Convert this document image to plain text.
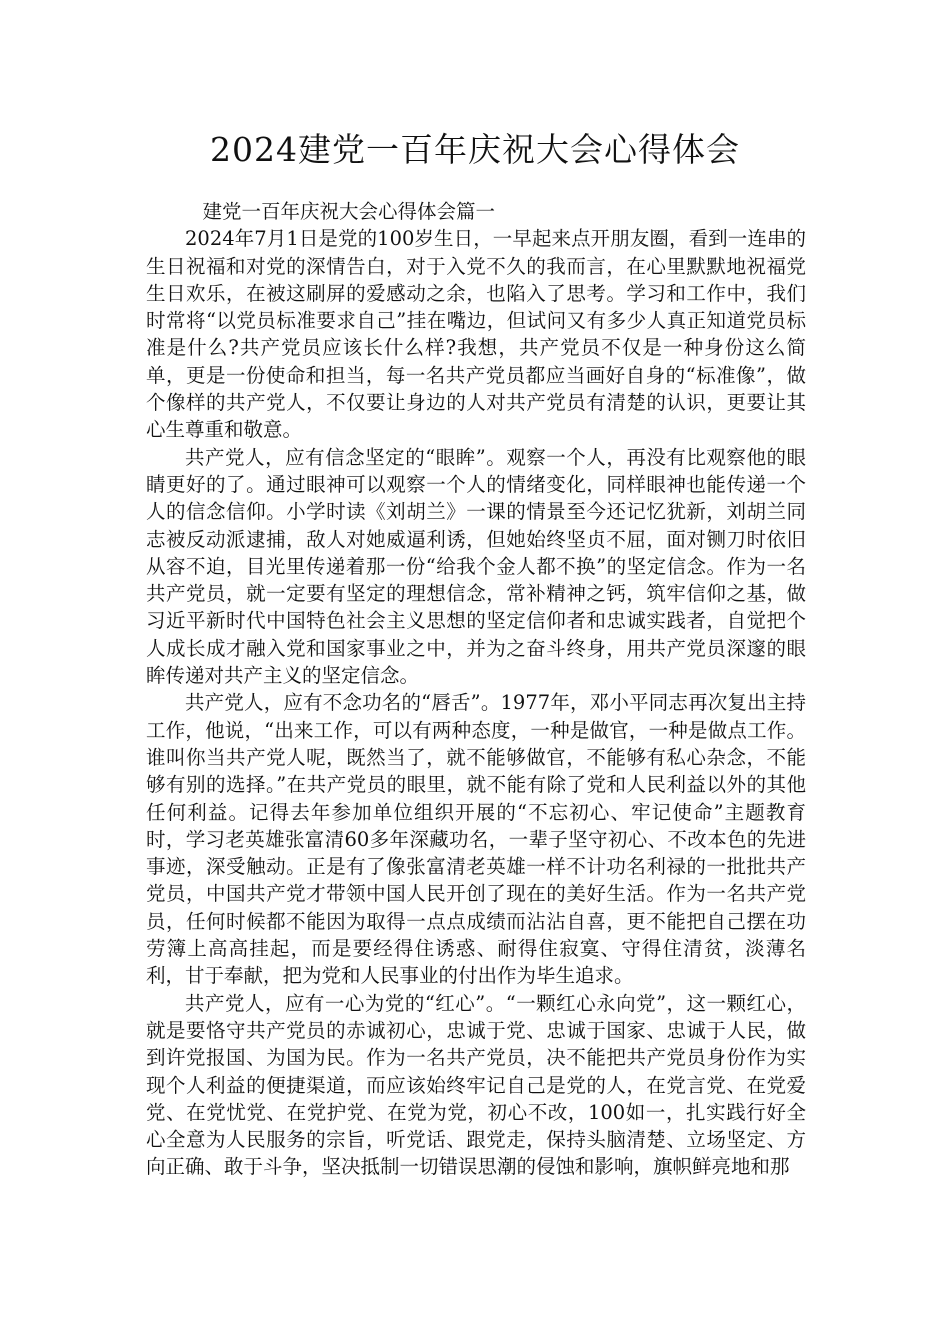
2024建党一百年庆祝大会心得体会

建党一百年庆祝大会心得体会篇一

2024年7月1日是党的100岁生日，一早起来点开朋友圈，看到一连串的生日祝福和对党的深情告白，对于入党不久的我而言，在心里默默地祝福党生日欢乐，在被这刷屏的爱感动之余，也陷入了思考。学习和工作中，我们时常将“以党员标准要求自己”挂在嘴边，但试问又有多少人真正知道党员标准是什么?共产党员应该长什么样?我想，共产党员不仅是一种身份这么简单，更是一份使命和担当，每一名共产党员都应当画好自身的“标准像”，做个像样的共产党人，不仅要让身边的人对共产党员有清楚的认识，更要让其心生尊重和敬意。

共产党人，应有信念坚定的“眼眸”。观察一个人，再没有比观察他的眼睛更好的了。通过眼神可以观察一个人的情绪变化，同样眼神也能传递一个人的信念信仰。小学时读《刘胡兰》一课的情景至今还记忆犹新，刘胡兰同志被反动派逮捕，敌人对她威逼利诱，但她始终坚贞不屈，面对铡刀时依旧从容不迫，目光里传递着那一份“给我个金人都不换”的坚定信念。作为一名共产党员，就一定要有坚定的理想信念，常补精神之钙，筑牢信仰之基，做习近平新时代中国特色社会主义思想的坚定信仰者和忠诚实践者，自觉把个人成长成才融入党和国家事业之中，并为之奋斗终身，用共产党员深邃的眼眸传递对共产主义的坚定信念。

共产党人，应有不念功名的“唇舌”。1977年，邓小平同志再次复出主持工作，他说，“出来工作，可以有两种态度，一种是做官，一种是做点工作。谁叫你当共产党人呢，既然当了，就不能够做官，不能够有私心杂念，不能够有别的选择。”在共产党员的眼里，就不能有除了党和人民利益以外的其他任何利益。记得去年参加单位组织开展的“不忘初心、牢记使命”主题教育时，学习老英雄张富清60多年深藏功名，一辈子坚守初心、不改本色的先进事迹，深受触动。正是有了像张富清老英雄一样不计功名利禄的一批批共产党员，中国共产党才带领中国人民开创了现在的美好生活。作为一名共产党员，任何时候都不能因为取得一点点成绩而沾沾自喜，更不能把自己摆在功劳簿上高高挂起，而是要经得住诱惑、耐得住寂寞、守得住清贫，淡薄名利，甘于奉献，把为党和人民事业的付出作为毕生追求。

共产党人，应有一心为党的“红心”。“一颗红心永向党”，这一颗红心，就是要恪守共产党员的赤诚初心，忠诚于党、忠诚于国家、忠诚于人民，做到许党报国、为国为民。作为一名共产党员，决不能把共产党员身份作为实现个人利益的便捷渠道，而应该始终牢记自己是党的人，在党言党、在党爱党、在党忧党、在党护党、在党为党，初心不改，100如一，扎实践行好全心全意为人民服务的宗旨，听党话、跟党走，保持头脑清楚、立场坚定、方向正确、敢于斗争，坚决抵制一切错误思潮的侵蚀和影响，旗帜鲜亮地和那
